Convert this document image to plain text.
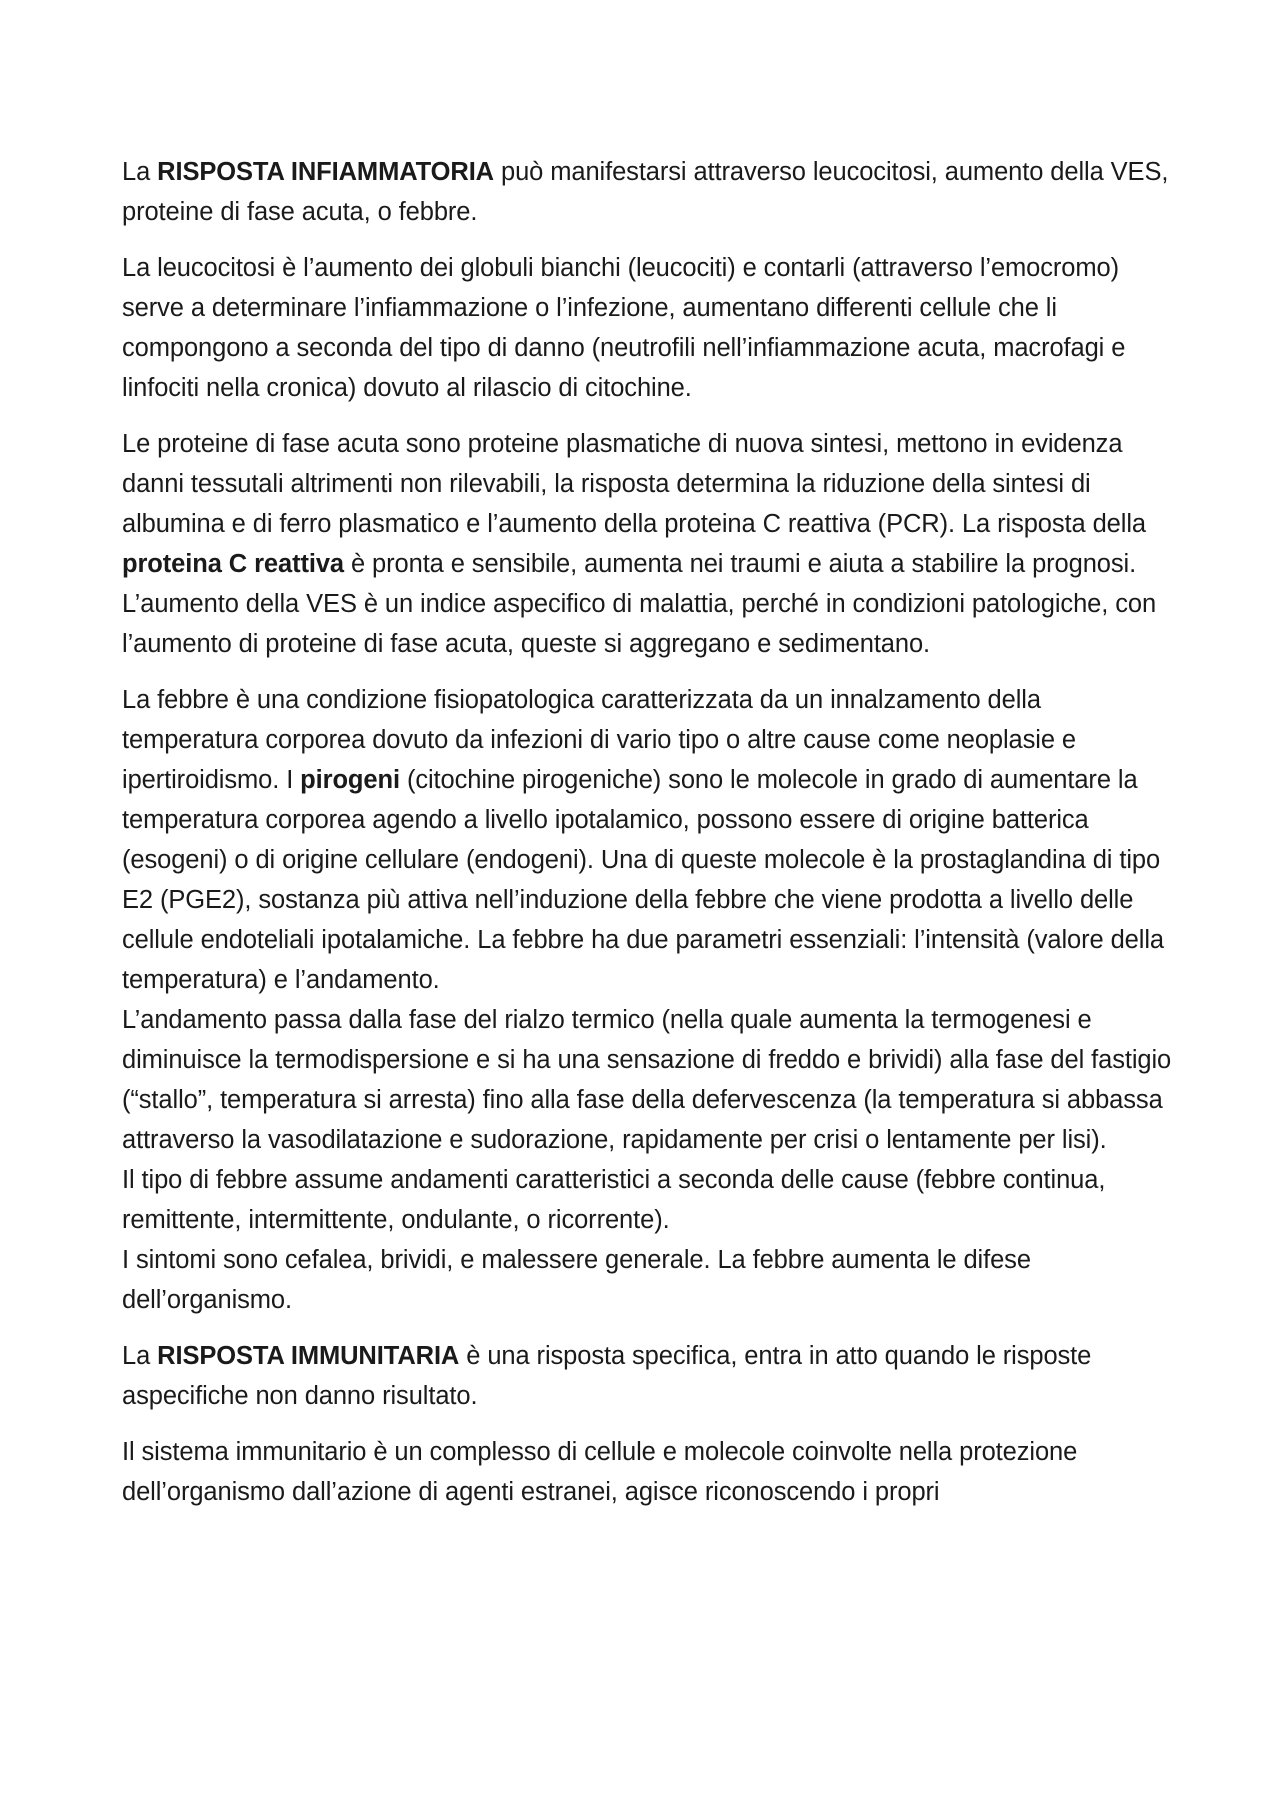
La RISPOSTA INFIAMMATORIA può manifestarsi attraverso leucocitosi, aumento della VES, proteine di fase acuta, o febbre.

La leucocitosi è l’aumento dei globuli bianchi (leucociti) e contarli (attraverso l’emocromo) serve a determinare l’infiammazione o l’infezione, aumentano differenti cellule che li compongono a seconda del tipo di danno (neutrofili nell’infiammazione acuta, macrofagi e linfociti nella cronica) dovuto al rilascio di citochine.

Le proteine di fase acuta sono proteine plasmatiche di nuova sintesi, mettono in evidenza danni tessutali altrimenti non rilevabili, la risposta determina la riduzione della sintesi di albumina e di ferro plasmatico e l’aumento della proteina C reattiva (PCR). La risposta della proteina C reattiva è pronta e sensibile, aumenta nei traumi e aiuta a stabilire la prognosi.

L’aumento della VES è un indice aspecifico di malattia, perché in condizioni patologiche, con l’aumento di proteine di fase acuta, queste si aggregano e sedimentano.

La febbre è una condizione fisiopatologica caratterizzata da un innalzamento della temperatura corporea dovuto da infezioni di vario tipo o altre cause come neoplasie e ipertiroidismo. I pirogeni (citochine pirogeniche) sono le molecole in grado di aumentare la temperatura corporea agendo a livello ipotalamico, possono essere di origine batterica (esogeni) o di origine cellulare (endogeni). Una di queste molecole è la prostaglandina di tipo E2 (PGE2), sostanza più attiva nell’induzione della febbre che viene prodotta a livello delle cellule endoteliali ipotalamiche. La febbre ha due parametri essenziali: l’intensità (valore della temperatura) e l’andamento.

L’andamento passa dalla fase del rialzo termico (nella quale aumenta la termogenesi e diminuisce la termodispersione e si ha una sensazione di freddo e brividi) alla fase del fastigio (“stallo”, temperatura si arresta) fino alla fase della defervescenza (la temperatura si abbassa attraverso la vasodilatazione e sudorazione, rapidamente per crisi o lentamente per lisi).

Il tipo di febbre assume andamenti caratteristici a seconda delle cause (febbre continua, remittente, intermittente, ondulante, o ricorrente).

I sintomi sono cefalea, brividi, e malessere generale. La febbre aumenta le difese dell’organismo.

La RISPOSTA IMMUNITARIA è una risposta specifica, entra in atto quando le risposte aspecifiche non danno risultato.

Il sistema immunitario è un complesso di cellule e molecole coinvolte nella protezione dell’organismo dall’azione di agenti estranei, agisce riconoscendo i propri
